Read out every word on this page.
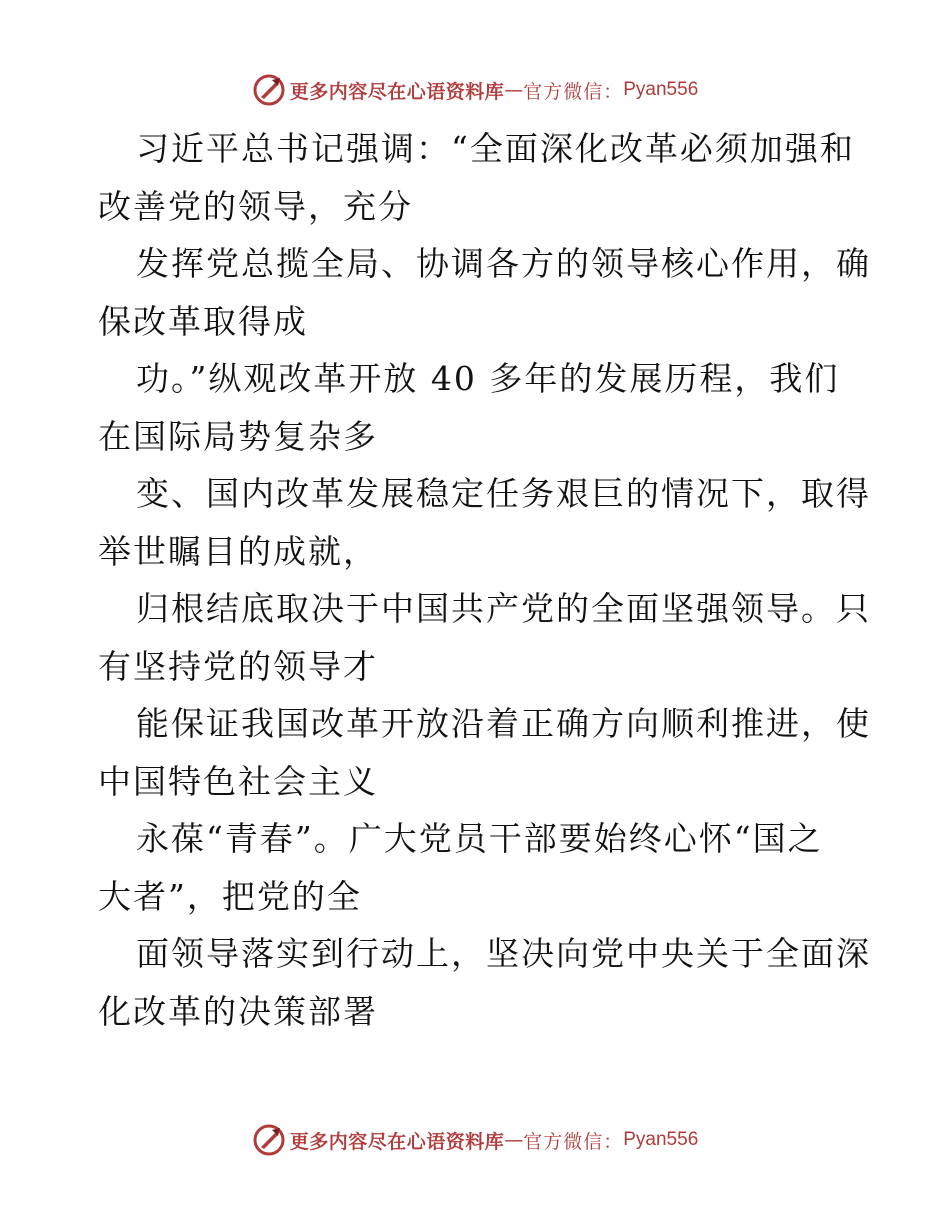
更多内容尽在心语资料库 — 官方微信： Pyan556
习近平总书记强调：“全面深化改革必须加强和
改善党的领导，充分
发挥党总揽全局、协调各方的领导核心作用，确
保改革取得成
功。”纵观改革开放 40 多年的发展历程，我们
在国际局势复杂多
变、国内改革发展稳定任务艰巨的情况下，取得
举世瞩目的成就，
归根结底取决于中国共产党的全面坚强领导。只
有坚持党的领导才
能保证我国改革开放沿着正确方向顺利推进，使
中国特色社会主义
永葆“青春”。广大党员干部要始终心怀“国之
大者”，把党的全
面领导落实到行动上，坚决向党中央关于全面深
化改革的决策部署
更多内容尽在心语资料库 — 官方微信： Pyan556
